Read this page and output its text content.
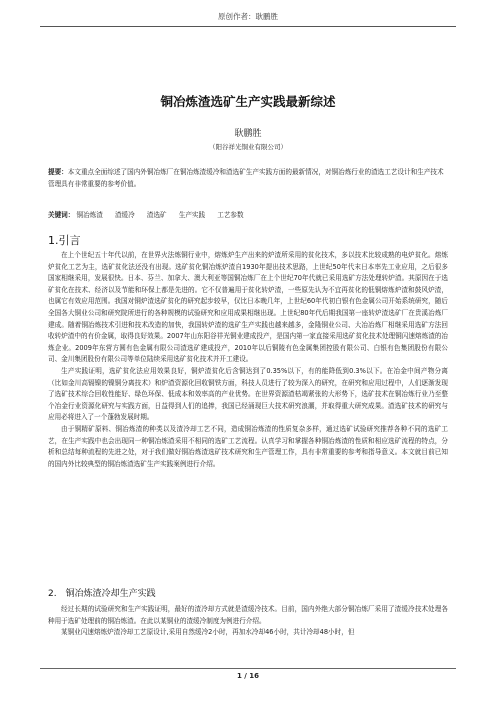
原创作者：耿鹏胜
铜冶炼渣选矿生产实践最新综述
耿鹏胜
（阳谷祥光铜业有限公司）
提要：本文重点全面综述了国内外铜冶炼厂在铜冶炼渣缓冷和渣选矿生产实践方面的最新情况，对铜冶炼行业的渣选工艺设计和生产技术管理具有非常重要的参考价值。
关键词： 铜冶炼渣 渣缓冷 渣选矿 生产实践 工艺参数
1.引言

在上个世纪五十年代以前，在世界火法炼铜行业中，熔炼炉生产出来的炉渣所采用的贫化技术，多以技术比较成熟的电炉贫化。熔炼炉贫化工艺为主，选矿贫化法还没有出现。选矿贫化铜冶炼炉渣自1930年提出技术思路，上世纪50年代末日本率先工业应用，之后很多国家相继采用，发展很快。日本、芬兰、加拿大、澳大利亚等国铜冶炼厂在上个世纪70年代就已采用选矿方法处理转炉渣。其原因在于选矿贫化在技术、经济以及节能和环保上都是先进的。它不仅普遍用于贫化转炉渣，一些原先认为不宜再贫化的低铜熔炼炉渣和鼓风炉渣，也属它有效应用范围。我国对铜炉渣选矿贫化的研究起步较早，仅比日本晚几年，上世纪60年代初白银有色金属公司开始系统研究，随后全国各大铜业公司和研究院所进行的各种规模的试验研究和应用成果相继出现。上世纪80年代后期我国第一座转炉渣选矿厂在贵溪冶炼厂建成。随着铜冶炼技术引进和技术改造的加快，我国转炉渣的选矿生产实践也越来越多，金隆铜业公司、大冶冶炼厂相继采用选矿方法回收转炉渣中的有价金属，取得良好效果。2007年山东阳谷祥光铜业建成投产，是国内第一家直接采用选矿贫化技术处理铜闪速熔炼渣的冶炼企业。2009年东营方圆有色金属有限公司渣选矿建成投产，2010年以后铜陵有色金属集团控股有限公司、白银有色集团股份有限公司、金川集团股份有限公司等单位陆续采用选矿贫化技术并开工建设。

生产实践证明，选矿贫化法应用效果良好，铜炉渣贫化后含铜达到了0.35%以下，有的能降低到0.3%以下。在冶金中间产物分离（比如金川高镉镍的镍铜分离技术）和炉渣资源化回收铜铁方面，科技人员进行了较为深入的研究，在研究和应用过程中，人们逐渐发现了选矿技术综合回收性能好、绿色环保、低成本和效率高的产业优势。在世界资源渣枯竭紧张的大形势下，选矿技术在铜冶炼行业乃至整个冶金行业资源化研究与实践方面，日益得到人们的追捧，我国已经涌现巨大技术研究浪潮，并取得重大研究成果。渣选矿技术的研究与应用必将进入了一个蓬勃发展时期。

由于铜精矿原料、铜冶炼渣的种类以及渣冷却工艺不同，造成铜冶炼渣的性质复杂多样，通过选矿试验研究推荐各种不同的选矿工艺，在生产实践中也会出现同一种铜冶炼渣采用不相同的选矿工艺流程。认真学习和掌握各种铜冶炼渣的性质和相应选矿流程的特点，分析和总结每种流程的先进之处，对于我们做好铜冶炼渣选矿技术研究和生产管理工作，具有非常重要的参考和指导意义。本文就目前已知的国内外比较典型的铜冶炼渣选矿生产实践案例进行介绍。

2.　铜冶炼渣冷却生产实践

经过长期的试验研究和生产实践证明，最好的渣冷却方式就是渣缓冷技术。目前，国内外绝大部分铜冶炼厂采用了渣缓冷技术处理各种用于选矿处理前的铜冶炼渣。在此以某铜业的渣缓冷制度为例进行介绍。

某铜业闪速熔炼炉渣冷却工艺原设计,采用自然缓冷2小时，再加水冷却46小时，共计冷却48小时，但

1 / 16
